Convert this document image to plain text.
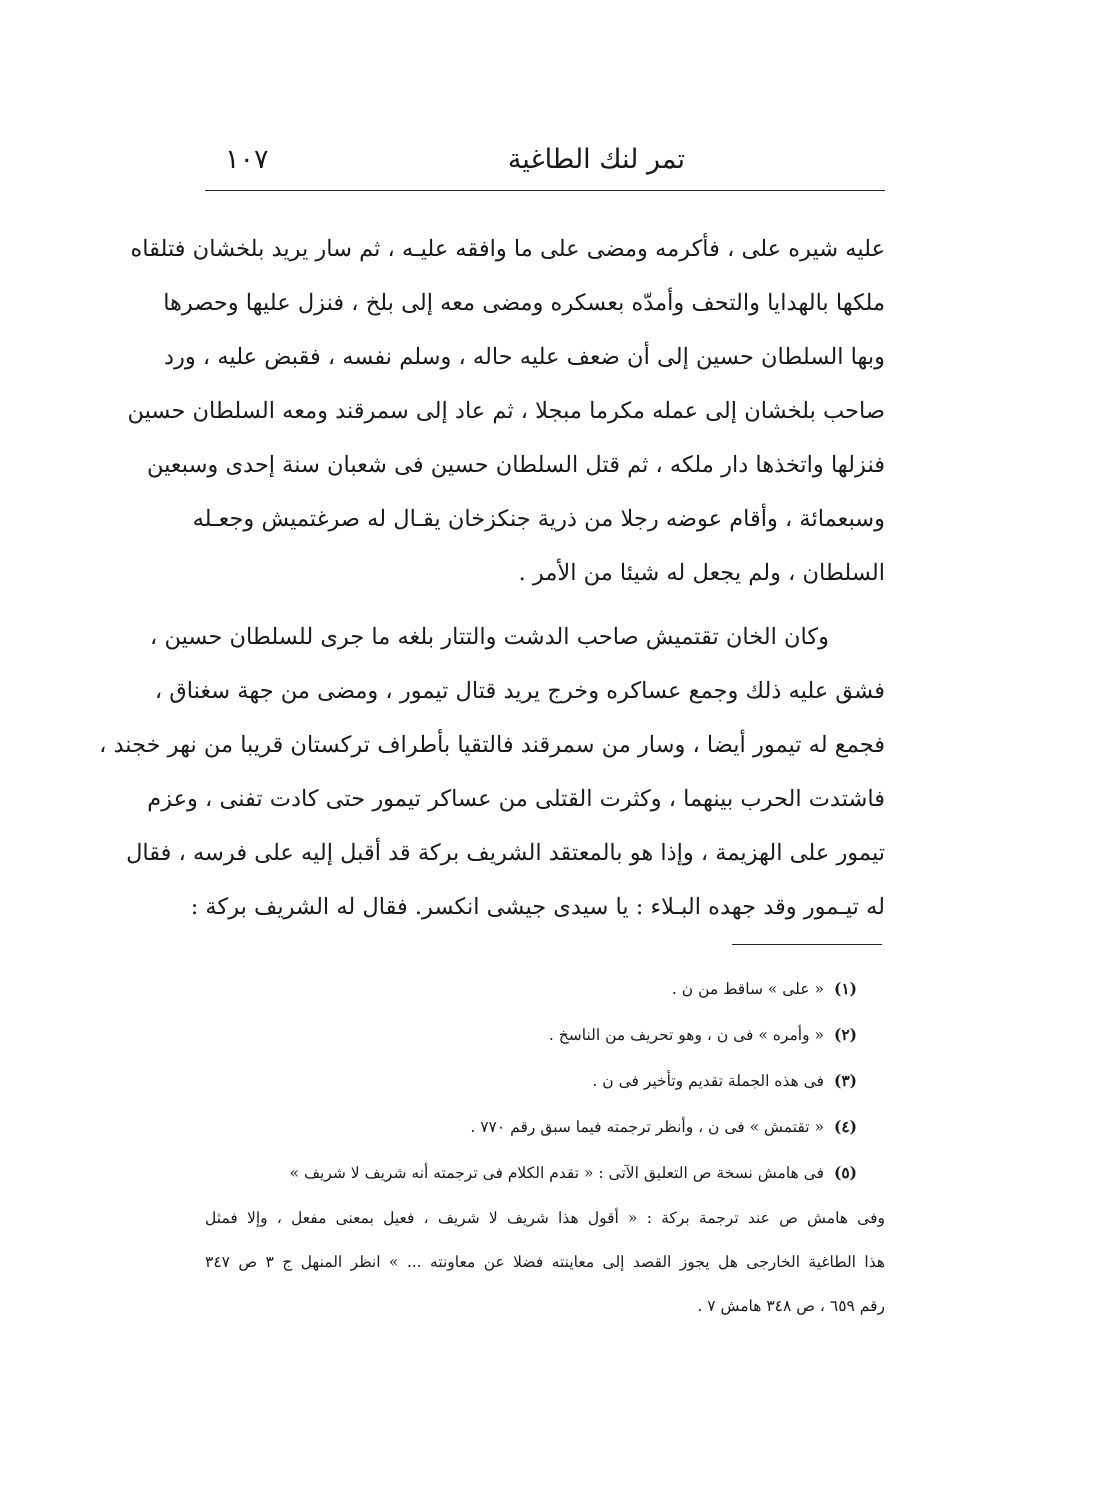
تمر لنك الطاغية
١٠٧
عليه شيره على ، فأكرمه ومضى على ما وافقه عليـه ، ثم سار يريد بلخشان فتلقاه
ملكها بالهدايا والتحف وأمدّه بعسكره ومضى معه إلى بلخ ، فنزل عليها وحصرها
وبها السلطان حسين إلى أن ضعف عليه حاله ، وسلم نفسه ، فقبض عليه ، ورد
صاحب بلخشان إلى عمله مكرما مبجلا ، ثم عاد إلى سمرقند ومعه السلطان حسين
فنزلها واتخذها دار ملكه ، ثم قتل السلطان حسين فى شعبان سنة إحدى وسبعين
وسبعمائة ، وأقام عوضه رجلا من ذرية جنكزخان يقـال له صرغتميش وجعـله
السلطان ، ولم يجعل له شيئا من الأمر .
وكان الخان تقتميش صاحب الدشت والتتار بلغه ما جرى للسلطان حسين ،
فشق عليه ذلك وجمع عساكره وخرج يريد قتال تيمور ، ومضى من جهة سغناق ،
فجمع له تيمور أيضا ، وسار من سمرقند فالتقيا بأطراف تركستان قريبا من نهر خجند ،
فاشتدت الحرب بينهما ، وكثرت القتلى من عساكر تيمور حتى كادت تفنى ، وعزم
تيمور على الهزيمة ، وإذا هو بالمعتقد الشريف بركة قد أقبل إليه على فرسه ، فقال
له تيـمور وقد جهده البـلاء : يا سيدى جيشى انكسر. فقال له الشريف بركة :
(١)« على » ساقط من ن .
(٢)« وأمره » فى ن ، وهو تحريف من الناسخ .
(٣)فى هذه الجملة تقديم وتأخير فى ن .
(٤)« تقتمش » فى ن ، وأنظر ترجمته فيما سبق رقم ٧٧٠ .
(٥)فى هامش نسخة ص التعليق الآتى : « تقدم الكلام فى ترجمته أنه شريف لا شريف »
وفى هامش ص عند ترجمة بركة : « أقول هذا شريف لا شريف ، فعيل بمعنى مفعل ، وإلا فمثل
هذا الطاغية الخارجى هل يجوز القصد إلى معاينته فضلا عن معاونته ... » انظر المنهل ج ٣ ص ٣٤٧
رقم ٦٥٩ ، ص ٣٤٨ هامش ٧ .
